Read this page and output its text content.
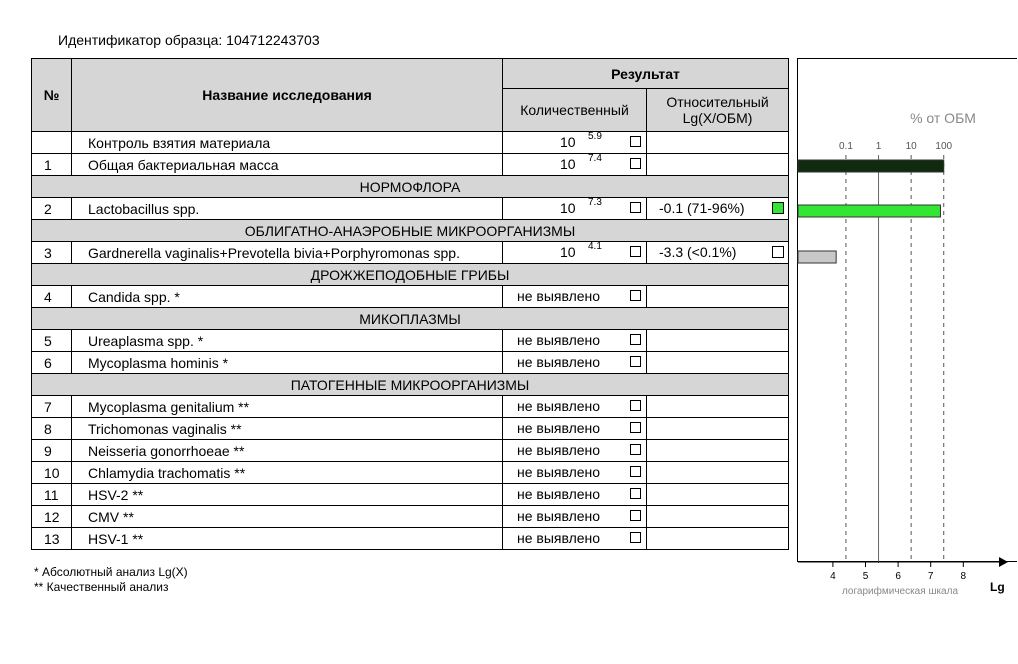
Идентификатор образца: 104712243703
№	Название исследования	Результат	
		Количественный	Относительный
Lg(X/ОБМ)
	Контроль взятия материала	10 5.9	

1	Общая бактериальная масса	10 7.4	

НОРМОФЛОРА			
2	Lactobacillus spp.	10 7.3	-0.1 (71-96%)

ОБЛИГАТНО-АНАЭРОБНЫЕ МИКРООРГАНИЗМЫ			
3	Gardnerella vaginalis+Prevotella bivia+Porphyromonas spp.	10 4.1	-3.3 (<0.1%)

ДРОЖЖЕПОДОБНЫЕ ГРИБЫ			
4	Candida spp. *	не выявлено	

МИКОПЛАЗМЫ			
5	Ureaplasma spp. *	не выявлено	

6	Mycoplasma hominis *	не выявлено	

ПАТОГЕННЫЕ МИКРООРГАНИЗМЫ			
7	Mycoplasma genitalium **	не выявлено	

8	Trichomonas vaginalis **	не выявлено	

9	Neisseria gonorrhoeae **	не выявлено	

10	Chlamydia trachomatis **	не выявлено	

11	HSV-2 **	не выявлено	

12	CMV **	не выявлено	

13	HSV-1 **	не выявлено	

% от ОБМ
0.1 1 10 100
4	5	6	7	8
логарифмическая шкала	Lg
* Абсолютный анализ Lg(X)
** Качественный анализ
